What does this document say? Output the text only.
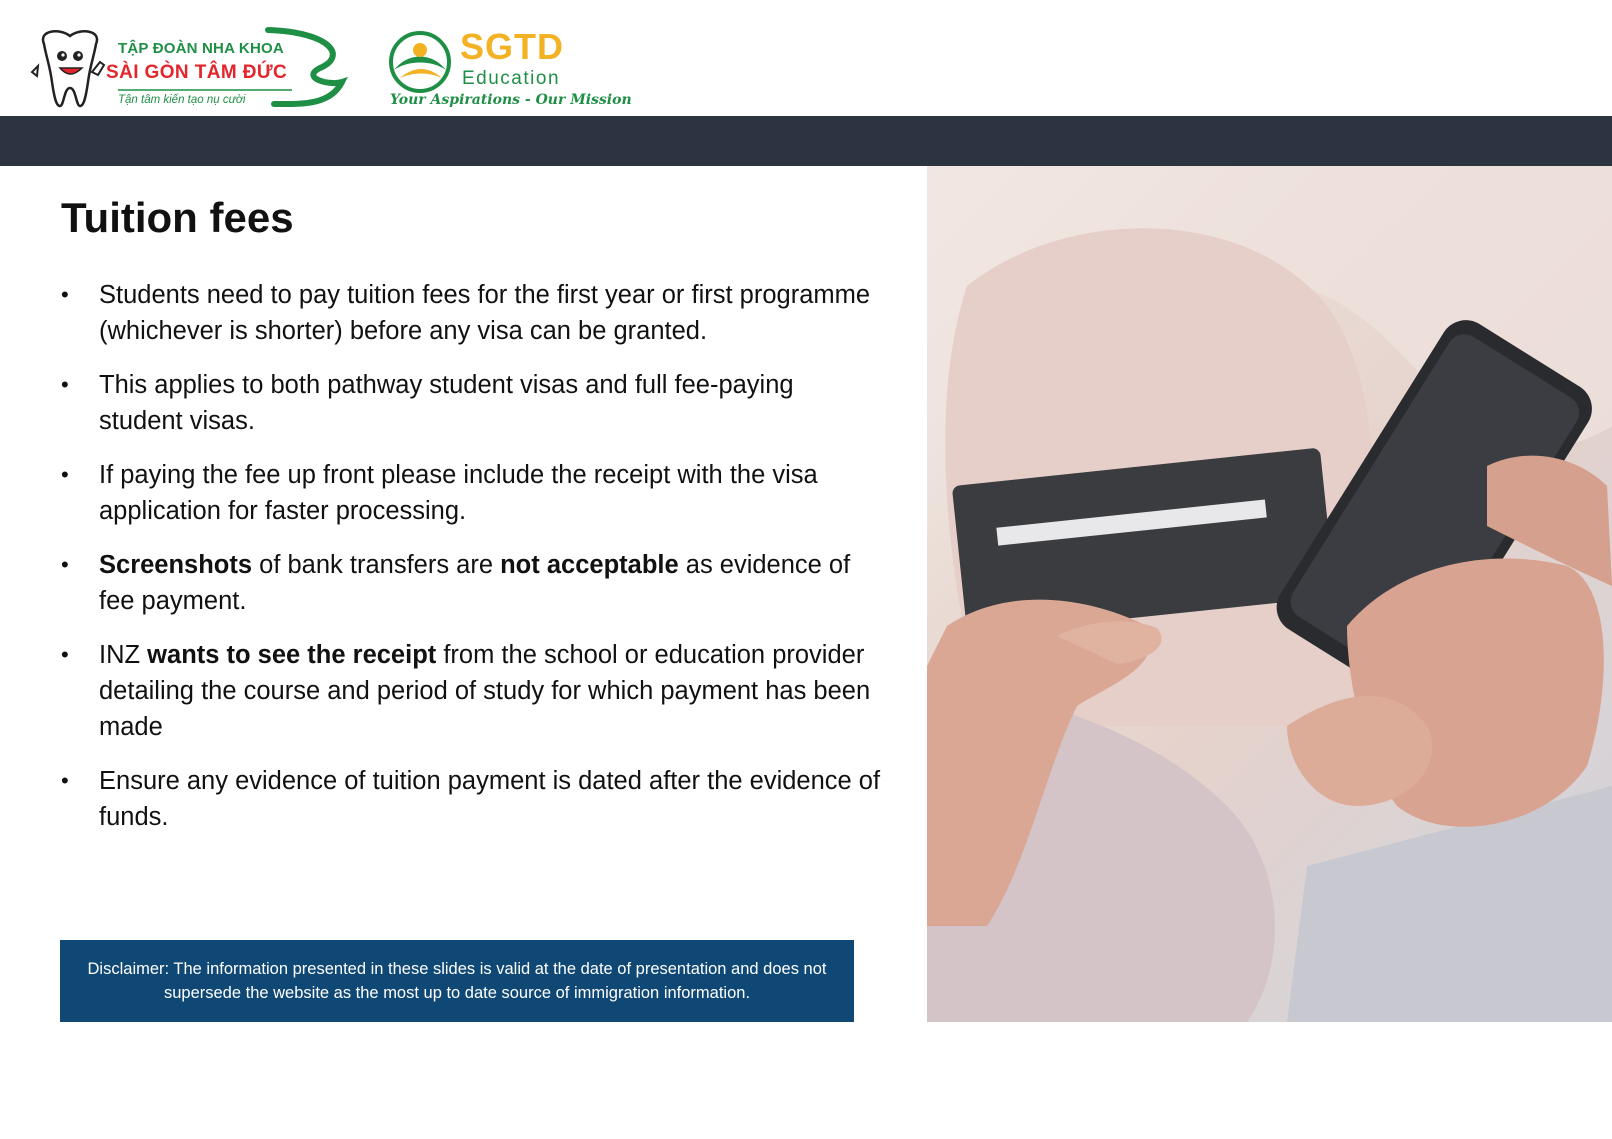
TẬP ĐOÀN NHA KHOA
SÀI GÒN TÂM ĐỨC
Tận tâm kiến tạo nụ cười
SGTD
Education
Your Aspirations - Our Mission
Tuition fees
• Students need to pay tuition fees for the first year or first programme (whichever is shorter) before any visa can be granted.
• This applies to both pathway student visas and full fee-paying student visas.
• If paying the fee up front please include the receipt with the visa application for faster processing.
• Screenshots of bank transfers are not acceptable as evidence of fee payment.
• INZ wants to see the receipt from the school or education provider detailing the course and period of study for which payment has been made
• Ensure any evidence of tuition payment is dated after the evidence of funds.
Disclaimer: The information presented in these slides is valid at the date of presentation and does not supersede the website as the most up to date source of immigration information.
